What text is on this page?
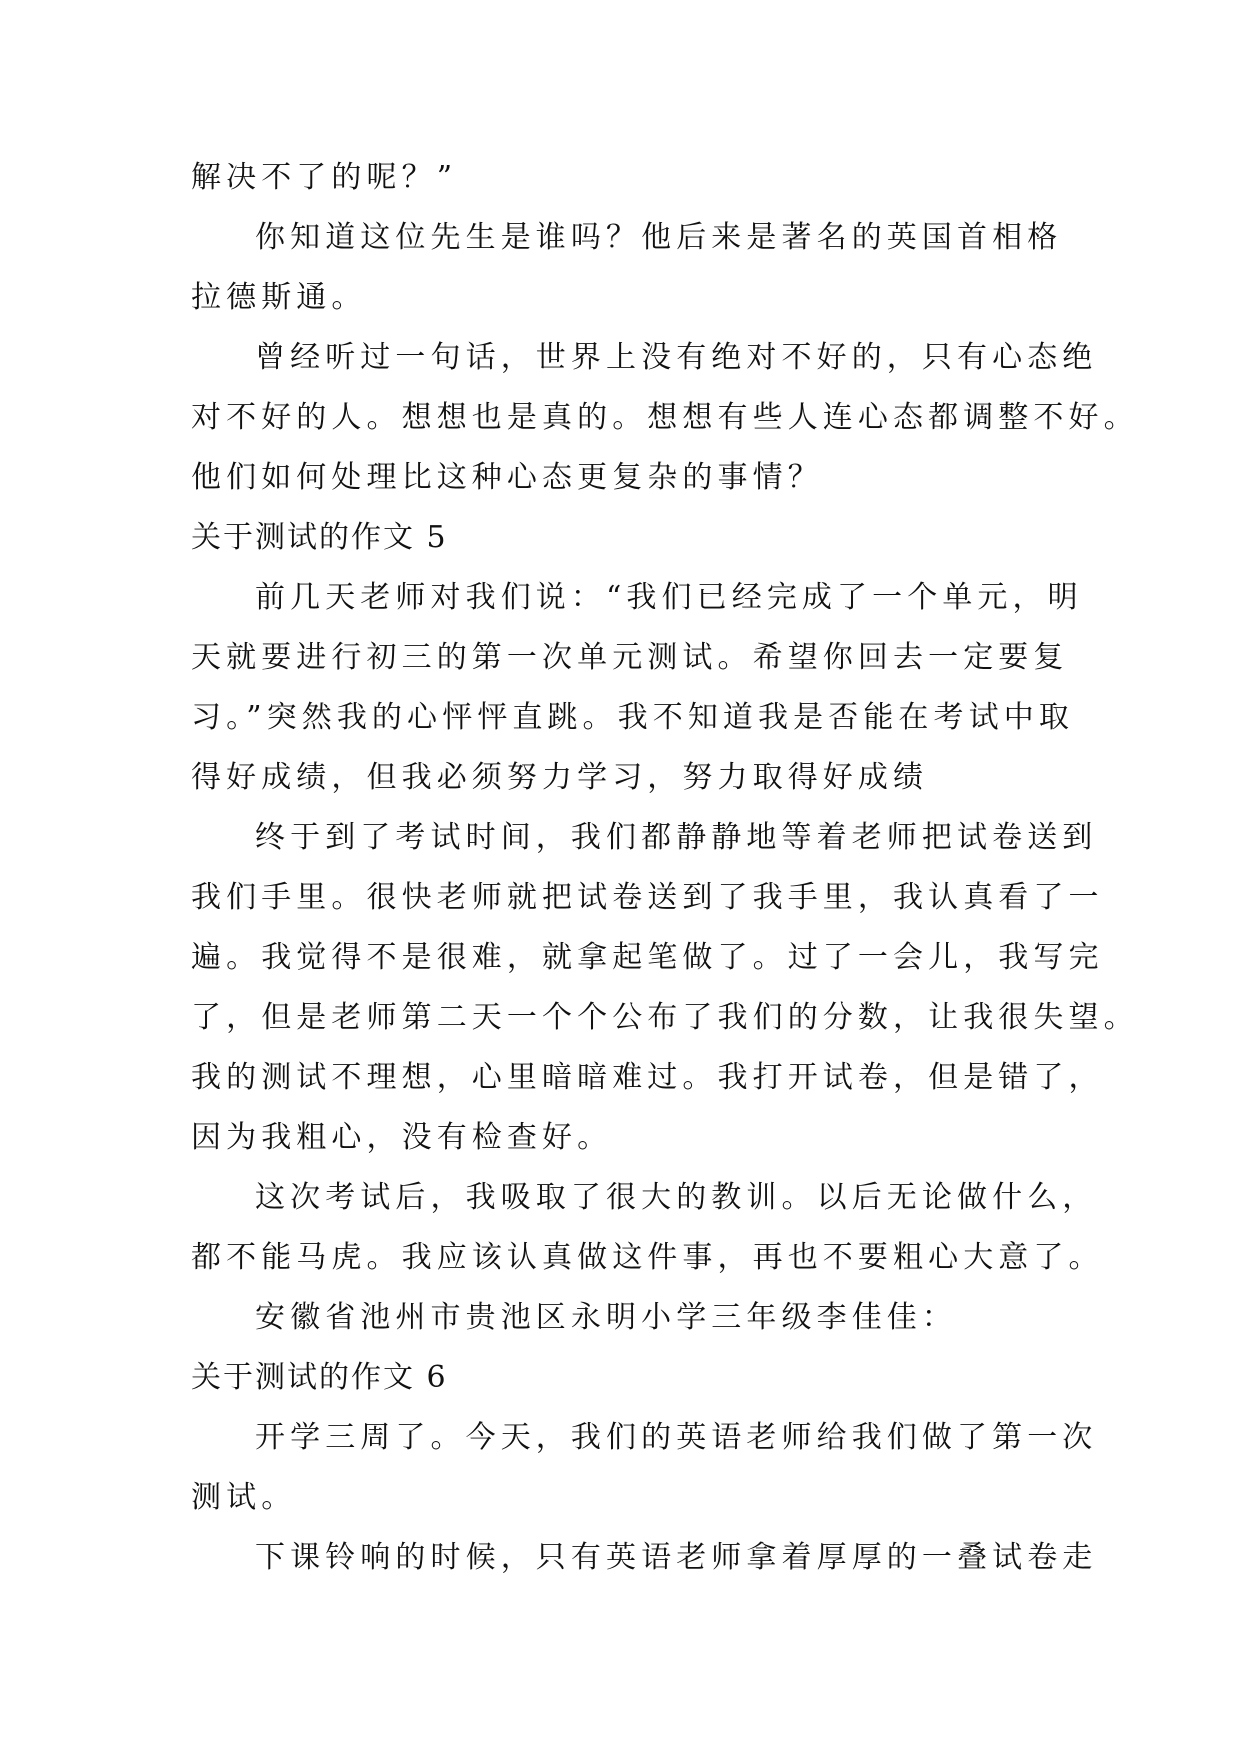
解决不了的呢？”
你知道这位先生是谁吗？他后来是著名的英国首相格
拉德斯通。
曾经听过一句话，世界上没有绝对不好的，只有心态绝
对不好的人。想想也是真的。想想有些人连心态都调整不好。
他们如何处理比这种心态更复杂的事情？
关于测试的作文 5
前几天老师对我们说：“我们已经完成了一个单元，明
天就要进行初三的第一次单元测试。希望你回去一定要复
习。”突然我的心怦怦直跳。我不知道我是否能在考试中取
得好成绩，但我必须努力学习，努力取得好成绩
终于到了考试时间，我们都静静地等着老师把试卷送到
我们手里。很快老师就把试卷送到了我手里，我认真看了一
遍。我觉得不是很难，就拿起笔做了。过了一会儿，我写完
了，但是老师第二天一个个公布了我们的分数，让我很失望。
我的测试不理想，心里暗暗难过。我打开试卷，但是错了，
因为我粗心，没有检查好。
这次考试后，我吸取了很大的教训。以后无论做什么，
都不能马虎。我应该认真做这件事，再也不要粗心大意了。
安徽省池州市贵池区永明小学三年级李佳佳：
关于测试的作文 6
开学三周了。今天，我们的英语老师给我们做了第一次
测试。
下课铃响的时候，只有英语老师拿着厚厚的一叠试卷走
